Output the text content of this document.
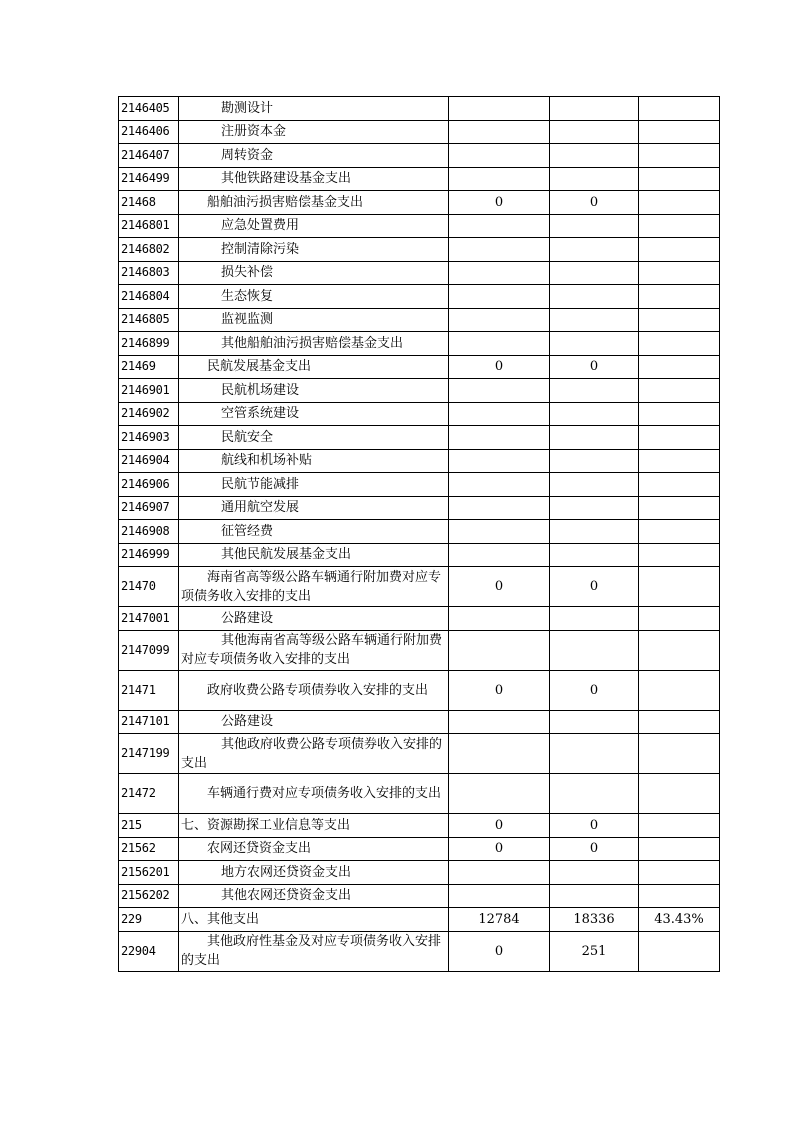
2146405	勘测设计			
2146406	注册资本金			
2146407	周转资金			
2146499	其他铁路建设基金支出			
21468	船舶油污损害赔偿基金支出	0	0	
2146801	应急处置费用			
2146802	控制清除污染			
2146803	损失补偿			
2146804	生态恢复			
2146805	监视监测			
2146899	其他船舶油污损害赔偿基金支出			
21469	民航发展基金支出	0	0	
2146901	民航机场建设			
2146902	空管系统建设			
2146903	民航安全			
2146904	航线和机场补贴			
2146906	民航节能减排			
2146907	通用航空发展			
2146908	征管经费			
2146999	其他民航发展基金支出			
21470	海南省高等级公路车辆通行附加费对应专项债务收入安排的支出	0	0	
2147001	公路建设			
2147099	其他海南省高等级公路车辆通行附加费对应专项债务收入安排的支出			
21471	政府收费公路专项债券收入安排的支出	0	0	
2147101	公路建设			
2147199	其他政府收费公路专项债券收入安排的支出			
21472	车辆通行费对应专项债务收入安排的支出			
215	七、资源勘探工业信息等支出	0	0	
21562	农网还贷资金支出	0	0	
2156201	地方农网还贷资金支出			
2156202	其他农网还贷资金支出			
229	八、其他支出	12784	18336	43.43%
22904	其他政府性基金及对应专项债务收入安排的支出	0	251	
